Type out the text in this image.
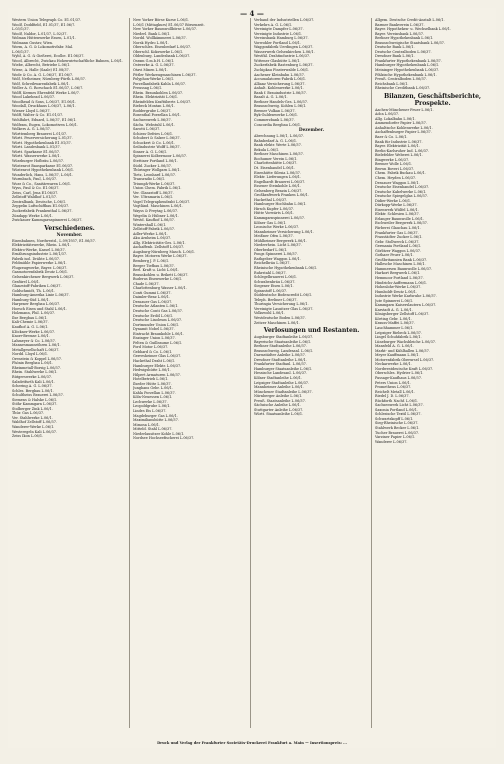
— 4 —
Western Union Telegraph Co. E1.01/37.
Woolf, Doddfield, E1.01/37, E1.06/7.
L.03/1/37.
Woolf, Naldor, L.01/37, L.02/37.
Wolman Hüttenwerke Essen, L.01/1.
Wolmann Gustav, Wien.
Worm, A. G. & Lokomotivfabr. Mal.
L.06/1/37.
Wybl, A. G. & Gießerei, Ecolbe. E1.06/37.
Wood, Albrecht, Zwickau Hohenwirtschaftliche Bahnen, L.06/1.
Wiebe, Albrecht, Betriebe L.06/1.
Wiese, A. Halle (Saale) E1.08/37.
Wode & Co. A. G. L.06/37, E1.06/7.
Wolf, Netheimer, Nürnberg-Fürth L.06/37.
Wolf, Schreibwarenfabrik L.06/1.
Woller A. G. Rorschach E1.06/37, L.06/7.
Wolff, Kermes Ehrenfeld Werke L.06/7.
Wood Lakehead L.06/37.
Woodhead & Sons, L.06/37, E1.06/1.
Woodall, Druckhaus L.06/37, L.06/1.
Wiener Lloyd L.06/37.
Wolff, Walter & Co. E1.01/37.
Wohlfahrt, Eduard, L.06/37, E1.06/1.
Wolfram, Eugen, Lokomotiven L.06/1.
Wolkers A. G. L.06/37.
Württemberg Brauerei L.01/37.
Württ. Feuerversicherung L.01/37.
Württ. Hypothekenbank E1.01/37.
Württ. Landesbank L.01/37.
Württ. Sparkasse E1.06/37.
Württ. Wasserwerke L.06/1.
Würzburger Hofbräu L.06/37.
Wüstenrot Bausparkasse E1.06/37.
Wüstenrot Hypothekenbank L.06/1.
Wunderlich, Hans, L.06/37, L.06/1.
Wurmbach, Paul, L.06/37.
Wurz & Co., Sanitärwaren L.06/1.
Wyss, Paul & Co. E1.06/37.
Zeiss, Carl, Jena E1.06/37.
Zellstoff Waldhof L.01/37.
Zentralbank, Deutsche, L.06/1.
Zeppelin Luftschiffbau E1.06/37.
Zuckerfabrik Frankenthal L.06/37.
Zündapp Werke L.06/1.
Zwickauer Kammgarnspinnerei L.06/37.
Verschiedenes.
November.
Eisenbahnen, Nordwestd., L.09/1937, E1.06/37.
Elektrizitätswerke, Rhein. L.06/1.
Elektro-Werke, Kassel L.06/37.
Ernährungsindustrie L.06/1/37.
Fabrik isol. Drähte L.06/37.
Feldmühle Papierwerke L.06/1.
Flugzeugwerke, Bayer. L.06/37.
Gasmotorenfabrik Deutz L.06/1.
Gelsenkirchener Bergwerk L.06/37.
Gesfürel L.06/1.
Glanzstoff-Fabriken L.06/37.
Goldschmidt, Th. L.06/1.
Hamburg-Amerika Linie L.06/37.
Hamburg-Süd L.06/1.
Harpener Bergbau L.06/37.
Hoesch Eisen und Stahl L.06/1.
Holzmann, Phil. L.06/37.
Ilse Bergbau L.06/1.
Kali-Chemie L.06/37.
Kaufhof A. G. L.06/1.
Klöckner-Werke L.06/37.
Knorr-Bremse L.06/1.
Lahmeyer & Co. L.06/37.
Mannesmannröhren L.06/1.
Metallgesellschaft L.06/37.
Nordd. Lloyd L.06/1.
Orenstein & Koppel L.06/37.
Phönix Bergbau L.06/1.
Rheinmetall-Borsig L.06/37.
Rhein. Stahlwerke L.06/1.
Rütgerswerke L.06/37.
Salzdetfurth Kali L.06/1.
Schering A. G. L.06/37.
Schles. Bergbau L.06/1.
Schultheiss Brauerei L.06/37.
Siemens & Halske L.06/1.
Stöhr Kammgarn L.06/37.
Stolberger Zink L.06/1.
Thür. Gas L.06/37.
Ver. Stahlwerke L.06/1.
Waldhof Zellstoff L.06/37.
Wanderer-Werke L.06/1.
Westeregeln Kali L.06/37.
Zeiss Ikon L.06/1.
New Yorker Börse Kurse L.06/1.
L.06/1 (Mittagkurs) E1.06/37 Börsenzeit.
New Yorker Baumwollbörse L.06/37.
Niederl. Bank L.06/1.
Nordd. Wollkämmerei L.06/37.
Norsk Hydro L.06/1.
Oberschles. Eisenbedarf L.06/37.
Oberschl. Kokswerke L.06/1.
Oldenburg. Landesbank L.06/37.
Osram G.m.b.H. L.06/1.
Ostwerke A. G. L.06/37.
Otavi Minen L.06/1.
Pittler Werkzeugmaschinen L.06/37.
Polyphon-Werke L.06/1.
Porzellanfabrik Kahla L.06/37.
Preussag L.06/1.
Rhein. Braunkohlen L.06/37.
Rhein. Elektrizität L.06/1.
Rheinfelden Kraftübertr. L.06/37.
Riebeck Montan L.06/1.
Roddergrube L.06/37.
Rosenthal Porzellan L.06/1.
Sachsenwerk L.06/37.
Sächs. Webstuhl L.06/1.
Sarotti L.06/37.
Schiess-Defries L.06/1.
Schubert & Salzer L.06/37.
Schuckert & Co. L.06/1.
Seilindustrie Wolff L.06/37.
Sinner A. G. L.06/1.
Spinnerei Kolbermoor L.06/37.
Stettiner Portland L.06/1.
Südd. Zucker L.06/37.
Thüringer Wollgarn L.06/1.
Tietz, Leonhard L.06/37.
Transradio L.06/1.
Triumph-Werke L.06/37.
Union Chem. Fabrik L.06/1.
Ver. Glanzstoff L.06/37.
Ver. Ultramarin L.06/1.
Vogel Telegraphendraht L.06/37.
Vogtländ. Maschinen L.06/1.
Wayss & Freytag L.06/37.
Wegelin & Hübner L.06/1.
Westd. Kaufhof L.06/37.
Wintershall L.06/1.
Zellstoff-Fabrik L.06/37.
Adler-Werke L.06/1.
Aku Arnheim L.06/37.
Allg. Elektricitäts-Ges. L.06/1.
Aschaffenb. Zellstoff L.06/37.
Augsburg-Nürnberg Masch. L.06/1.
Bayer. Motoren Werke L.06/37.
Bemberg J. P. L.06/1.
Berger Tiefbau L.06/37.
Berl. Kraft u. Licht L.06/1.
Braunkohlen u. Brikett L.06/37.
Buderus Eisenwerke L.06/1.
Chade L.06/37.
Charlottenburg Wasser L.06/1.
Conti Gummi L.06/37.
Daimler-Benz L.06/1.
Dessauer Gas L.06/37.
Deutsche Atlanten L.06/1.
Deutsche Conti Gas L.06/37.
Deutsche Erdöl L.06/1.
Deutsche Linoleum L.06/37.
Dortmunder Union L.06/1.
Dynamit Nobel L.06/37.
Eintracht Braunkohle L.06/1.
Enzinger Union L.06/37.
Felten & Guilleaume L.06/1.
Ford Motor L.06/37.
Gebhard & Co. L.06/1.
Gerresheimer Glas L.06/37.
Hackethal Draht L.06/1.
Hamburger Elektr. L.06/37.
Hedwigshütte L.06/1.
Hilpert Armaturen L.06/37.
Hotelbetrieb L.06/1.
Ilseder Hütte L.06/37.
Junghans Gebr. L.06/1.
Kahla Porzellan L.06/37.
Köln-Neuessen L.06/1.
Lechwerke L.06/37.
Leopoldgrube L.06/1.
Lindes Eis L.06/37.
Magdeburger Gas L.06/1.
Maximilianshütte L.06/37.
Mimosa L.06/1.
Mitteld. Stahl L.06/37.
Niederlausitzer Kohle L.06/1.
Nordsee Hochseefischerei L.06/37.
Verband der Industriellen L.06/37.
Verkehrs A. G. L.06/1.
Vereinigte Dampfer L.06/37.
Vereinigte Industrie L.06/1.
Vereinsbank Hamburg L.06/37.
Vorwohler Portland L.06/1.
Waggonfabrik Uerdingen L.06/37.
Wasserwerk Gelsenkirchen L.06/1.
Westfäl. Drahtindustrie L.06/37.
Wittener Glashütte L.06/1.
Zuckerfabrik Rastenburg L.06/37.
Zschipkau Finsterwalde L.06/1.
Aachener Kleinbahn L.06/37.
Accumulatoren-Fabrik L.06/1.
Allianz Versicherung L.06/37.
Anhalt. Kohlenwerke L.06/1.
Bank f. Brauindustrie L.06/37.
Basalt A. G. L.06/1.
Berliner Handels-Ges. L.06/37.
Braunschweig. Kohlen L.06/1.
Bremer Vulkan L.06/37.
Byk-Guldenwerke L.06/1.
Commerzbank L.06/37.
Concordia Bergbau L.06/1.
Dezember.
Abrechnung L.06/1, L.06/37.
Bahnbedarf A. G. L.06/1.
Bank elektr. Werte L.06/37.
Bekula L.06/1.
Berliner Maschinen L.06/37.
Bochumer Verein L.06/1.
Charlottenhütte L.06/37.
Dt. Eisenhandel L.06/1.
Eisenhütte Silesia L.06/37.
Elektr. Lieferungen L.06/1.
Engelhardt Brauerei L.06/37.
Essener Steinkohle L.06/1.
Gelsenberg Benzin L.06/37.
Großkraftwerk Franken L.06/1.
Hackethal L.06/37.
Hamburger Hochbahn L.06/1.
Hirsch Kupfer L.06/37.
Hütte Vorwärts L.06/1.
Kammgarnspinnerei L.06/37.
Kölner Gas L.06/1.
Leonische Werke L.06/37.
Mannheimer Versicherung L.06/1.
Meißner Ofen L.06/37.
Mühlheimer Bergwerk L.06/1.
Niederrhein. Licht L.06/37.
Oberbedarf L.06/1.
Pongs Spinnerei L.06/37.
Rathgeber Waggon L.06/1.
Reichelbräu L.06/37.
Rheinische Hypothekenbank L.06/1.
Ruhrstahl L.06/37.
Schlegelbrauerei L.06/1.
Schwabenbräu L.06/37.
Siegener Eisen L.06/1.
Spinnstoff L.06/37.
Süddeutsche Bodencredit L.06/1.
Teleph. Berliner L.06/37.
Thuringia Versicherung L.06/1.
Vereinigte Lausitzer Glas L.06/37.
Volkswohl L.06/1.
Westdeutsche Boden L.06/37.
Zeitzer Maschinen L.06/1.
Verlosungen und Restanten.
Augsburger Stadtanleihe L.06/37.
Bayerische Staatsanleihe L.06/1.
Berliner Stadtanleihe L.06/37.
Braunschweig. Landesanl. L.06/1.
Darmstädter Anleihe L.06/37.
Dresdner Stadtanleihe L.06/1.
Frankfurter Stadtanl. L.06/37.
Hamburger Staatsanleihe L.06/1.
Hessische Landesanl. L.06/37.
Kölner Stadtanleihe L.06/1.
Leipziger Stadtanleihe L.06/37.
Mannheimer Anleihe L.06/1.
Münchener Stadtanleihe L.06/37.
Nürnberger Anleihe L.06/1.
Preuß. Staatsanleihe L.06/37.
Sächsische Anleihe L.06/1.
Stuttgarter Anleihe L.06/37.
Württ. Staatsanleihe L.06/1.
Allgem. Deutsche Credit-Anstalt L.06/1.
Barmer Bankverein L.06/37.
Bayer. Hypotheken- u. Wechselbank L.06/1.
Bayer. Vereinsbank L.06/37.
Berliner Hypothekenbank L.06/1.
Braunschweigische Staatsbank L.06/37.
Deutsche Bank L.06/1.
Deutsche Centralboden L.06/37.
Dresdner Bank L.06/1.
Frankfurter Hypothekenbank L.06/37.
Hamburger Hypothekenbank L.06/1.
Meininger Hypothekenbank L.06/37.
Pfälzische Hypothekenbank L.06/1.
Preuß. Centralboden L.06/37.
Reichsbank L.06/1.
Rheinische Creditbank L.06/37.
Bilanzen, Geschäftsberichte, Prospekte.
Aachen-Münchener Feuer L.06/1.
Adca L.06/37.
Allg. Lokalbahn L.06/1.
Ammendorfer Papier L.06/37.
Anhaltische Kohlenwerke L.06/1.
Aschaffenburger Papier L.06/37.
Baer & Co. L.06/1.
Bank für Industrie L.06/37.
Bayer. Elektrizität L.06/1.
Berlin-Karlsruher Ind. L.06/37.
Bielefelder Weberei L.06/1.
Bingwerke L.06/37.
Bremer Wolle L.06/1.
Brown Boveri L.06/37.
Chem. Fabrik Buckau L.06/1.
Chem. Heyden L.06/37.
Dessauer Waggon L.06/1.
Deutsche Eisenhandel L.06/37.
Deutsche Kabelwerke L.06/1.
Deutsche Spiegelglas L.06/37.
Didier-Werke L.06/1.
Dürkopp-Werke L.06/37.
Eisenwerk Wülfel L.06/1.
Elektr. Schlesien L.06/37.
Erlanger Baumwolle L.06/1.
Eschweiler Bergwerk L.06/37.
Färberei Glauchau L.06/1.
Frankfurter Gas L.06/37.
Fraustädter Zucker L.06/1.
Gebr. Stollwerck L.06/37.
Germania Portland L.06/1.
Görlitzer Waggon L.06/37.
Gothaer Feuer L.06/1.
Großbritannien Bank L.06/37.
Hallesche Maschinen L.06/1.
Hammersen Baumwolle L.06/37.
Harkort Bergwerk L.06/1.
Hemmoor Portland L.06/37.
Hindrichs-Auffermann L.06/1.
Hohenlohe-Werke L.06/37.
Humboldt-Deutz L.06/1.
Industrie Werke Karlsruhe L.06/37.
Jute Spinnerei L.06/1.
Kammgarn Kaiserslautern L.06/37.
Karstadt A. G. L.06/1.
Königsberger Zellstoff L.06/37.
Körting Gebr. L.06/1.
Krauss-Maffei L.06/37.
Lauchhammer L.06/1.
Leipziger Riebeck L.06/37.
Lingel Schuhfabrik L.06/1.
Lüneburger Wachsbleiche L.06/37.
Mansfeld A. G. L.06/1.
Markt- und Kühlhallen L.06/37.
Meyer Kauffmann L.06/1.
Motorenfabrik Oberursel L.06/37.
Neckarwerke L.06/1.
Nordwestdeutsche Kraft L.06/37.
Oberschles. Hydrier L.06/1.
Passage-Kaufhaus L.06/37.
Peters Union L.06/1.
Prometheus L.06/37.
Reichelt Metall L.06/1.
Riedel J. D. L.06/37.
Rückforth Nachf. L.06/1.
Sachsenwerk Licht L.06/37.
Saxonia Portland L.06/1.
Schlesische Textil L.06/37.
Schwartzkopff L.06/1.
Sieg-Rheinische L.06/37.
Stahlwerk Becker L.06/1.
Tucher Brauerei L.06/37.
Varziner Papier L.06/1.
Wanderer L.06/37.
Druck und Verlag der Frankfurter Societäts-Druckerei Frankfurt a. Main — Insertionspreis: ...
